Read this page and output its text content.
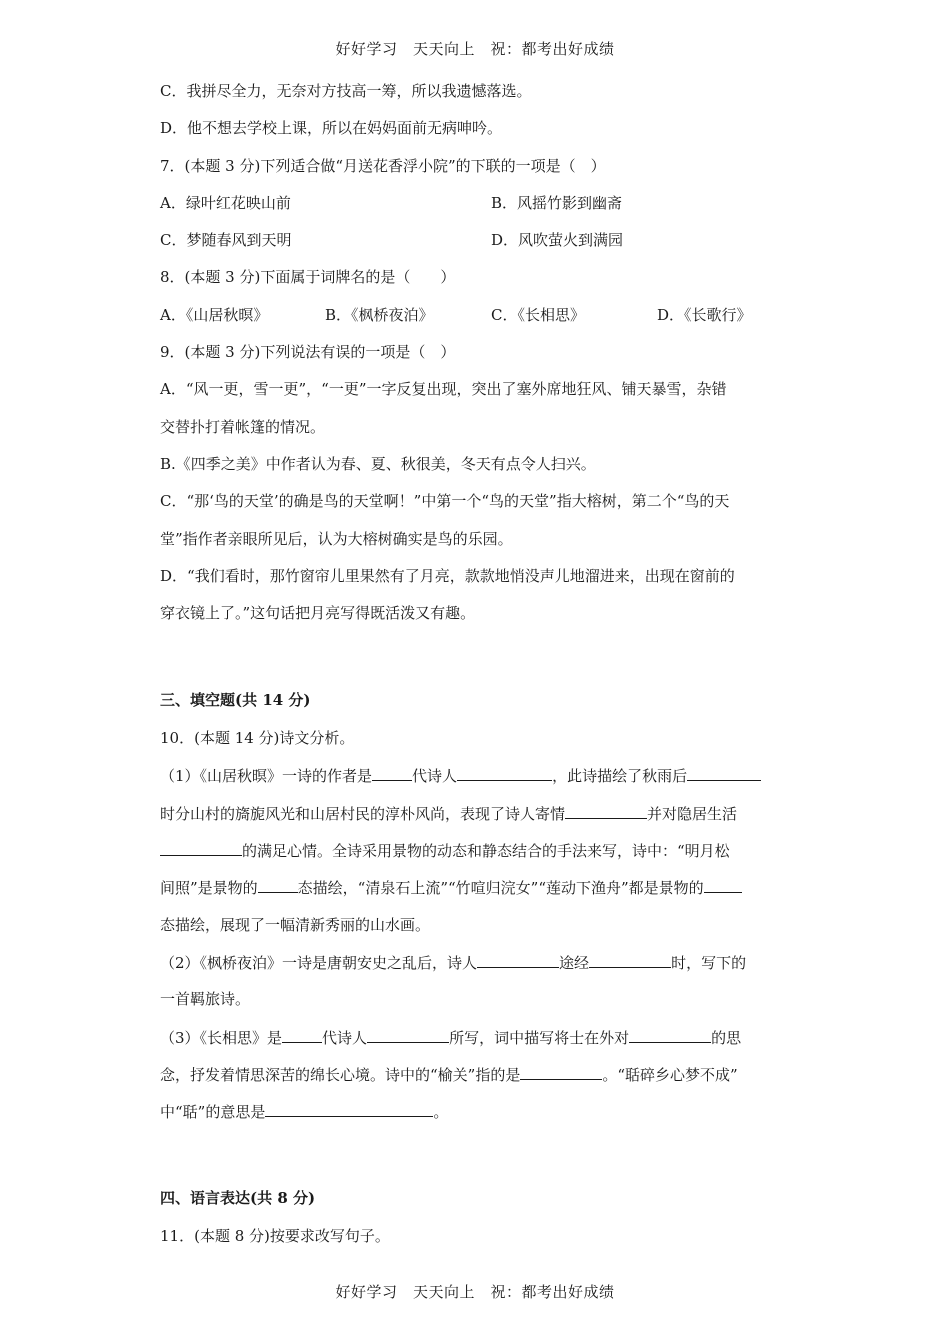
好好学习　天天向上　祝：都考出好成绩
C．我拼尽全力，无奈对方技高一筹，所以我遗憾落选。
D．他不想去学校上课，所以在妈妈面前无病呻吟。
7．(本题 3 分)下列适合做“月送花香浮小院”的下联的一项是（　）
A．绿叶红花映山前	B．风摇竹影到幽斋
C．梦随春风到天明	D．风吹萤火到满园
8．(本题 3 分)下面属于词牌名的是（　　）
A．《山居秋暝》	B．《枫桥夜泊》	C．《长相思》	D．《长歌行》
9．(本题 3 分)下列说法有误的一项是（　）
A．“风一更，雪一更”，“一更”一字反复出现，突出了塞外席地狂风、铺天暴雪，杂错
交替扑打着帐篷的情况。
B.《四季之美》中作者认为春、夏、秋很美，冬天有点令人扫兴。
C．“那‘鸟的天堂’的确是鸟的天堂啊！”中第一个“鸟的天堂”指大榕树，第二个“鸟的天
堂”指作者亲眼所见后，认为大榕树确实是鸟的乐园。
D．“我们看时，那竹窗帘儿里果然有了月亮，款款地悄没声儿地溜进来，出现在窗前的
穿衣镜上了。”这句话把月亮写得既活泼又有趣。
三、填空题(共 14 分)
10．(本题 14 分)诗文分析。
（1）《山居秋暝》一诗的作者是	代诗人	，此诗描绘了秋雨后
时分山村的旖旎风光和山居村民的淳朴风尚，表现了诗人寄情	并对隐居生活
的满足心情。全诗采用景物的动态和静态结合的手法来写，诗中：“明月松
间照”是景物的	态描绘，“清泉石上流”“竹喧归浣女”“莲动下渔舟”都是景物的
态描绘，展现了一幅清新秀丽的山水画。
（2）《枫桥夜泊》一诗是唐朝安史之乱后，诗人	途经	时，写下的
一首羁旅诗。
（3）《长相思》是	代诗人	所写，词中描写将士在外对	的思
念，抒发着情思深苦的绵长心境。诗中的“榆关”指的是	。“聒碎乡心梦不成”
中“聒”的意思是	。
四、语言表达(共 8 分)
11．(本题 8 分)按要求改写句子。
好好学习　天天向上　祝：都考出好成绩
